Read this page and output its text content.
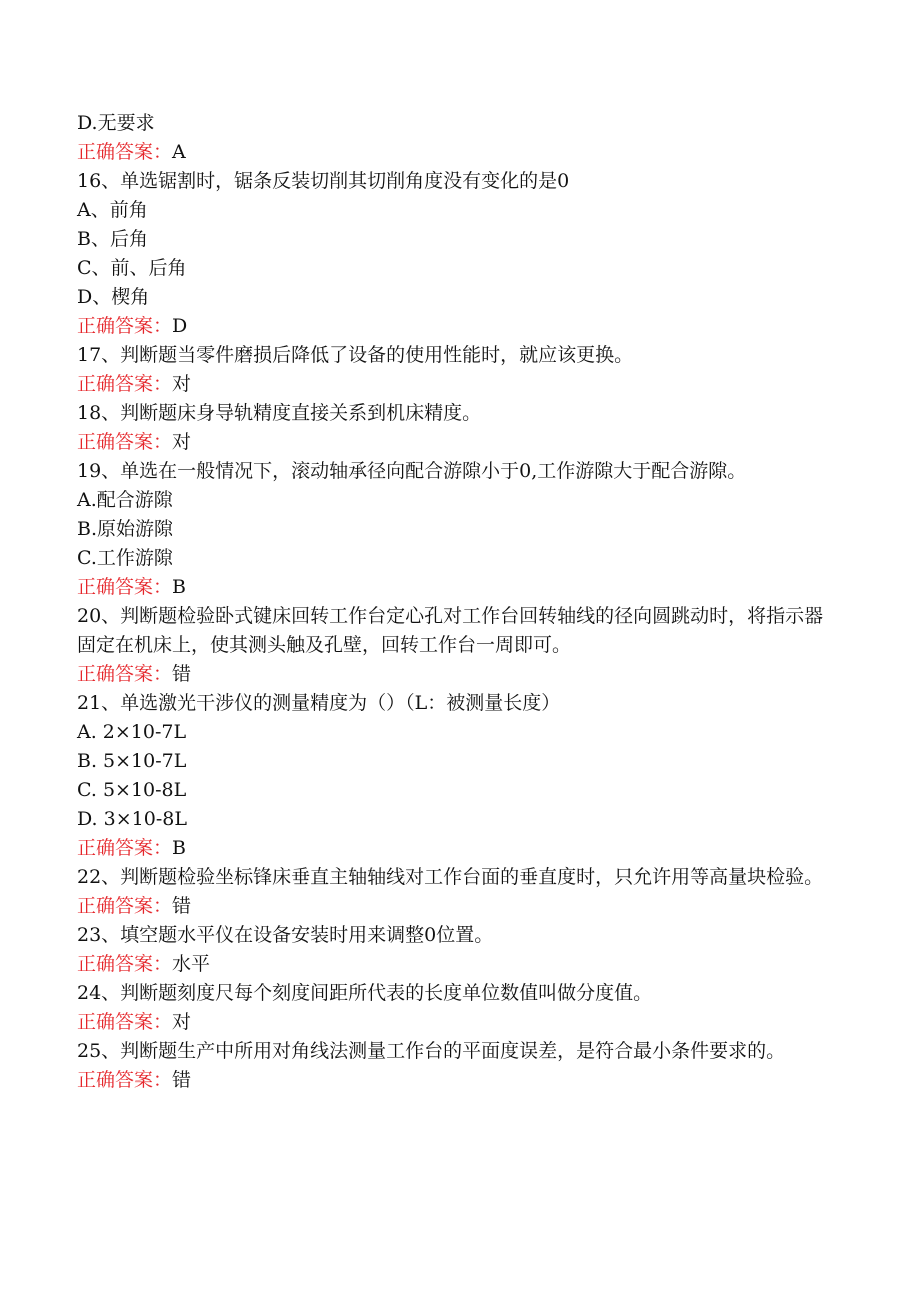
D.无要求
正确答案：A
16、单选锯割时，锯条反装切削其切削角度没有变化的是0
A、前角
B、后角
C、前、后角
D、楔角
正确答案：D
17、判断题当零件磨损后降低了设备的使用性能时，就应该更换。
正确答案：对
18、判断题床身导轨精度直接关系到机床精度。
正确答案：对
19、单选在一般情况下，滚动轴承径向配合游隙小于0,工作游隙大于配合游隙。
A.配合游隙
B.原始游隙
C.工作游隙
正确答案：B
20、判断题检验卧式键床回转工作台定心孔对工作台回转轴线的径向圆跳动时，将指示器固定在机床上，使其测头触及孔壁，回转工作台一周即可。
正确答案：错
21、单选激光干涉仪的测量精度为（）（L：被测量长度）
A. 2×10-7L
B. 5×10-7L
C. 5×10-8L
D. 3×10-8L
正确答案：B
22、判断题检验坐标锋床垂直主轴轴线对工作台面的垂直度时，只允许用等高量块检验。
正确答案：错
23、填空题水平仪在设备安装时用来调整0位置。
正确答案：水平
24、判断题刻度尺每个刻度间距所代表的长度单位数值叫做分度值。
正确答案：对
25、判断题生产中所用对角线法测量工作台的平面度误差，是符合最小条件要求的。
正确答案：错
